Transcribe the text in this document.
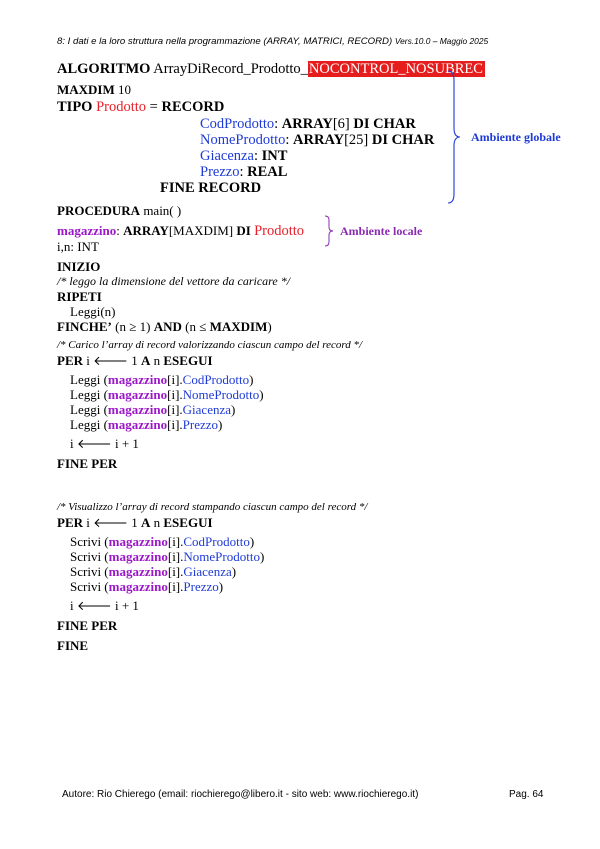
8: I dati e la loro struttura nella programmazione (ARRAY, MATRICI, RECORD) Vers.10.0 – Maggio 2025
ALGORITMO ArrayDiRecord_Prodotto_NOCONTROL_NOSUBREC
MAXDIM 10
TIPO Prodotto = RECORD
CodProdotto: ARRAY[6] DI CHAR
NomeProdotto: ARRAY[25] DI CHAR
Giacenza: INT
Prezzo: REAL
FINE RECORD
Ambiente globale
PROCEDURA main( )
magazzino: ARRAY[MAXDIM] DI Prodotto
i,n: INT
Ambiente locale
INIZIO
/* leggo la dimensione del vettore da caricare */
RIPETI
Leggi(n)
FINCHE’ (n ≥ 1) AND (n ≤ MAXDIM)
/* Carico l’array di record valorizzando ciascun campo del record */
PER i 🡐 1 A n ESEGUI
Leggi (magazzino[i].CodProdotto)
Leggi (magazzino[i].NomeProdotto)
Leggi (magazzino[i].Giacenza)
Leggi (magazzino[i].Prezzo)
i 🡐 i + 1
FINE PER
/* Visualizzo l’array di record stampando ciascun campo del record */
PER i 🡐 1 A n ESEGUI
Scrivi (magazzino[i].CodProdotto)
Scrivi (magazzino[i].NomeProdotto)
Scrivi (magazzino[i].Giacenza)
Scrivi (magazzino[i].Prezzo)
i 🡐 i + 1
FINE PER
FINE
Autore: Rio Chierego (email: riochierego@libero.it - sito web: www.riochierego.it)	Pag. 64
